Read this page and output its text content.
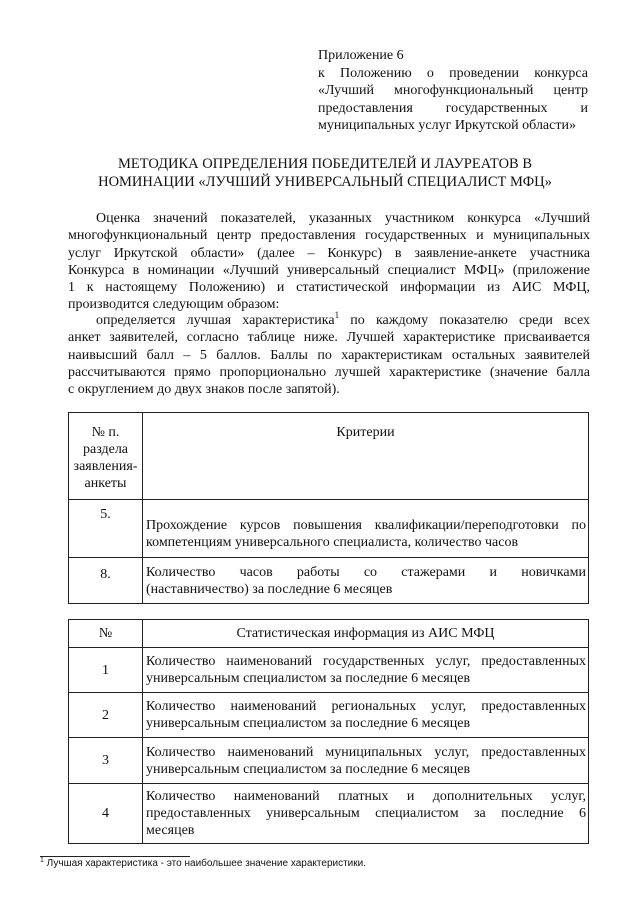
Приложение 6
к Положению о проведении конкурса
«Лучший многофункциональный центр
предоставления государственных и
муниципальных услуг Иркутской области»
МЕТОДИКА ОПРЕДЕЛЕНИЯ ПОБЕДИТЕЛЕЙ И ЛАУРЕАТОВ В
НОМИНАЦИИ «ЛУЧШИЙ УНИВЕРСАЛЬНЫЙ СПЕЦИАЛИСТ МФЦ»
Оценка значений показателей, указанных участником конкурса «Лучший
многофункциональный центр предоставления государственных и муниципальных
услуг Иркутской области» (далее – Конкурс) в заявление-анкете участника
Конкурса в номинации «Лучший универсальный специалист МФЦ» (приложение
1 к настоящему Положению) и статистической информации из АИС МФЦ,
производится следующим образом:
определяется лучшая характеристика$^1$ по каждому показателю среди всех
анкет заявителей, согласно таблице ниже. Лучшей характеристике присваивается
наивысший балл – 5 баллов. Баллы по характеристикам остальных заявителей
рассчитываются прямо пропорционально лучшей характеристике (значение балла
с округлением до двух знаков после запятой).
№ п.
раздела
заявления-
анкеты	Критерии
5.	Прохождение курсов повышения квалификации/переподготовки по
компетенциям универсального специалиста, количество часов

8.	Количество часов работы со стажерами и новичками
(наставничество) за последние 6 месяцев
№	Статистическая информация из АИС МФЦ
1	Количество наименований государственных услуг, предоставленных
универсальным специалистом за последние 6 месяцев

2	Количество наименований региональных услуг, предоставленных
универсальным специалистом за последние 6 месяцев

3	Количество наименований муниципальных услуг, предоставленных
универсальным специалистом за последние 6 месяцев

4	Количество наименований платных и дополнительных услуг,
предоставленных универсальным специалистом за последние 6
месяцев
$^1$ Лучшая характеристика - это наибольшее значение характеристики.
